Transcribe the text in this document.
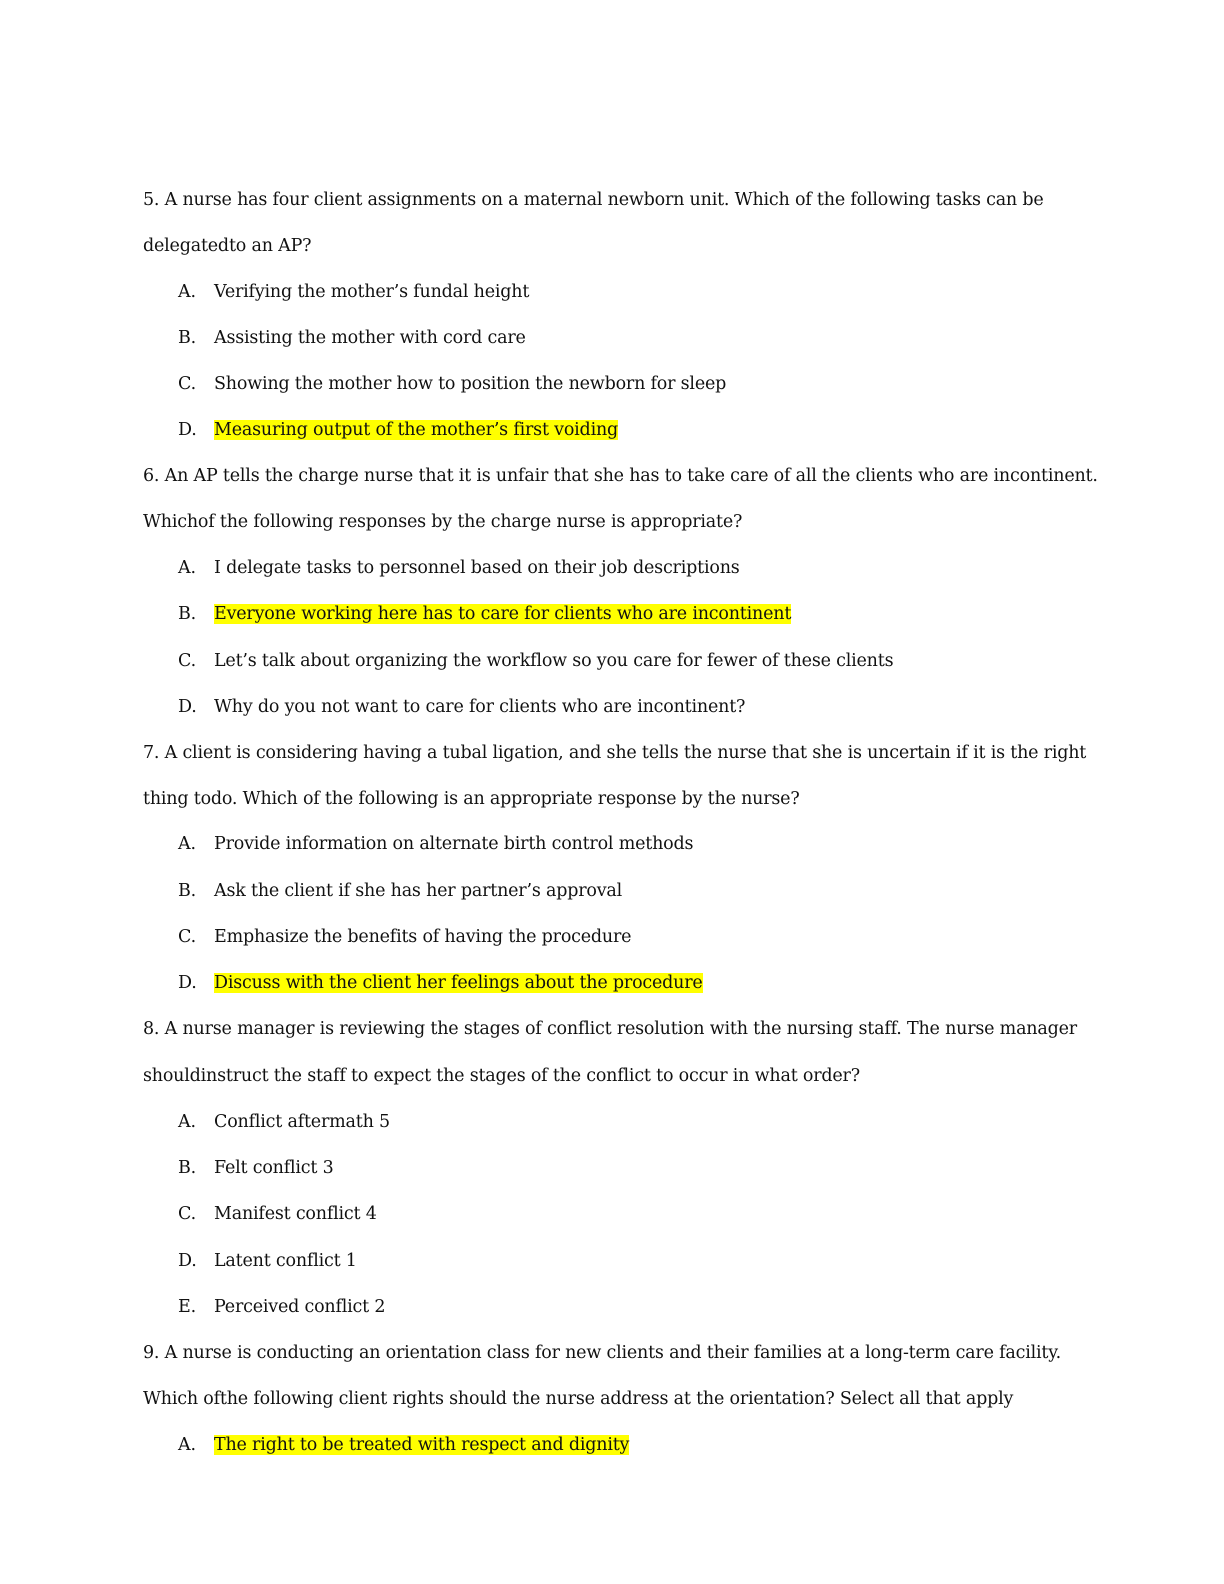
5. A nurse has four client assignments on a maternal newborn unit. Which of the following tasks can be
delegatedto an AP?
A. Verifying the mother’s fundal height
B. Assisting the mother with cord care
C. Showing the mother how to position the newborn for sleep
D. Measuring output of the mother’s first voiding
6. An AP tells the charge nurse that it is unfair that she has to take care of all the clients who are incontinent.
Whichof the following responses by the charge nurse is appropriate?
A. I delegate tasks to personnel based on their job descriptions
B. Everyone working here has to care for clients who are incontinent
C. Let’s talk about organizing the workflow so you care for fewer of these clients
D. Why do you not want to care for clients who are incontinent?
7. A client is considering having a tubal ligation, and she tells the nurse that she is uncertain if it is the right
thing todo. Which of the following is an appropriate response by the nurse?
A. Provide information on alternate birth control methods
B. Ask the client if she has her partner’s approval
C. Emphasize the benefits of having the procedure
D. Discuss with the client her feelings about the procedure
8. A nurse manager is reviewing the stages of conflict resolution with the nursing staff. The nurse manager
shouldinstruct the staff to expect the stages of the conflict to occur in what order?
A. Conflict aftermath 5
B. Felt conflict 3
C. Manifest conflict 4
D. Latent conflict 1
E. Perceived conflict 2
9. A nurse is conducting an orientation class for new clients and their families at a long-term care facility.
Which ofthe following client rights should the nurse address at the orientation? Select all that apply
A. The right to be treated with respect and dignity
